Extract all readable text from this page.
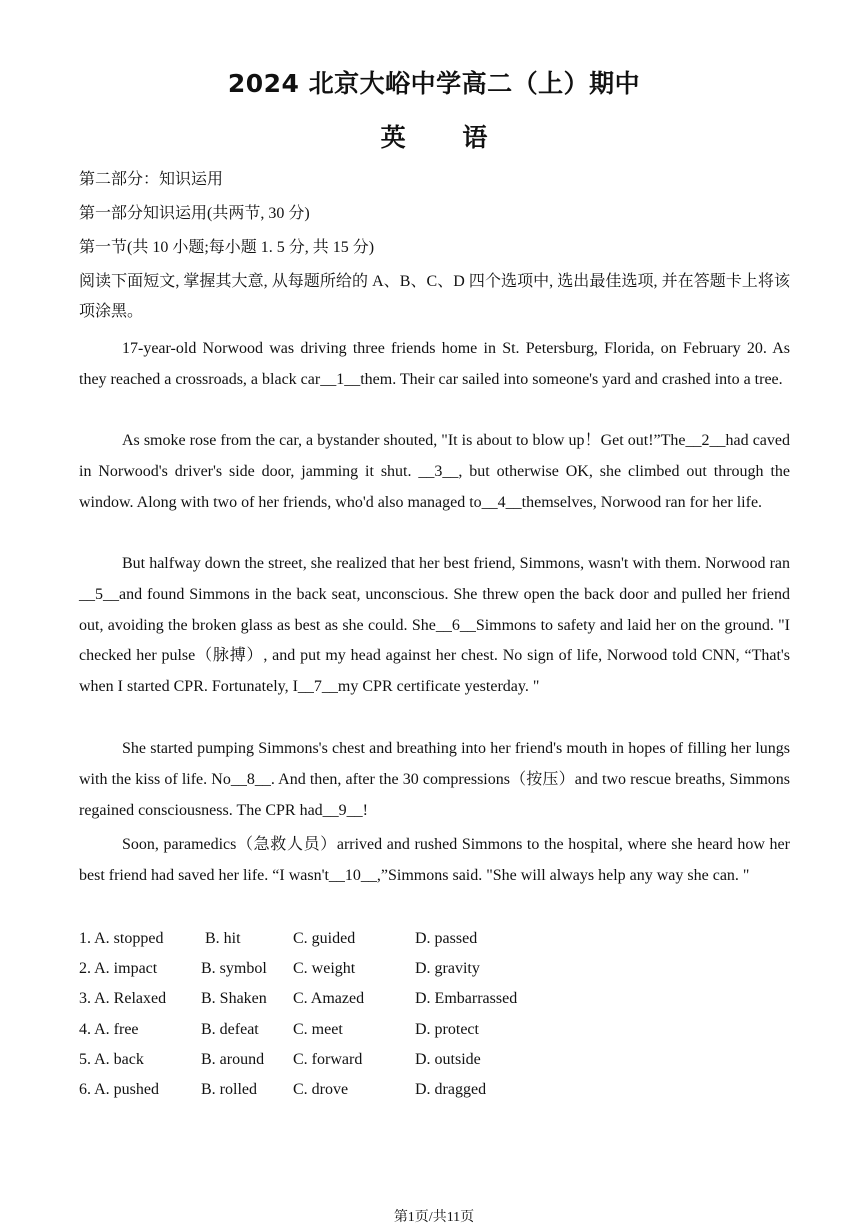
2024 北京大峪中学高二（上）期中
英 语
第二部分：知识运用
第一部分知识运用(共两节, 30 分)
第一节(共 10 小题;每小题 1. 5 分, 共 15 分)
阅读下面短文, 掌握其大意, 从每题所给的 A、B、C、D 四个选项中, 选出最佳选项, 并在答题卡上将该项涂黑。
17-year-old Norwood was driving three friends home in St. Petersburg, Florida, on February 20. As they reached a crossroads, a black car__1__them. Their car sailed into someone's yard and crashed into a tree.
As smoke rose from the car, a bystander shouted, "It is about to blow up！Get out!”The__2__had caved in Norwood's driver's side door, jamming it shut. __3__, but otherwise OK, she climbed out through the window. Along with two of her friends, who'd also managed to__4__themselves, Norwood ran for her life.
But halfway down the street, she realized that her best friend, Simmons, wasn't with them. Norwood ran __5__and found Simmons in the back seat, unconscious. She threw open the back door and pulled her friend out, avoiding the broken glass as best as she could. She__6__Simmons to safety and laid her on the ground. "I checked her pulse（脉搏）, and put my head against her chest. No sign of life, Norwood told CNN, “That's when I started CPR. Fortunately, I__7__my CPR certificate yesterday. "
She started pumping Simmons's chest and breathing into her friend's mouth in hopes of filling her lungs with the kiss of life. No__8__. And then, after the 30 compressions（按压）and two rescue breaths, Simmons regained consciousness. The CPR had__9__!
Soon, paramedics（急救人员）arrived and rushed Simmons to the hospital, where she heard how her best friend had saved her life. “I wasn't__10__,”Simmons said. "She will always help any way she can. "
1. A. stopped	B. hit	C. guided	D. passed
2. A. impact	B. symbol C. weight	D. gravity
3. A. Relaxed B. Shaken C. Amazed	D. Embarrassed
4. A. free	B. defeat C. meet	D. protect
5. A. back	B. around C. forward	D. outside
6. A. pushed	B. rolled C. drove	D. dragged
第1页/共11页
